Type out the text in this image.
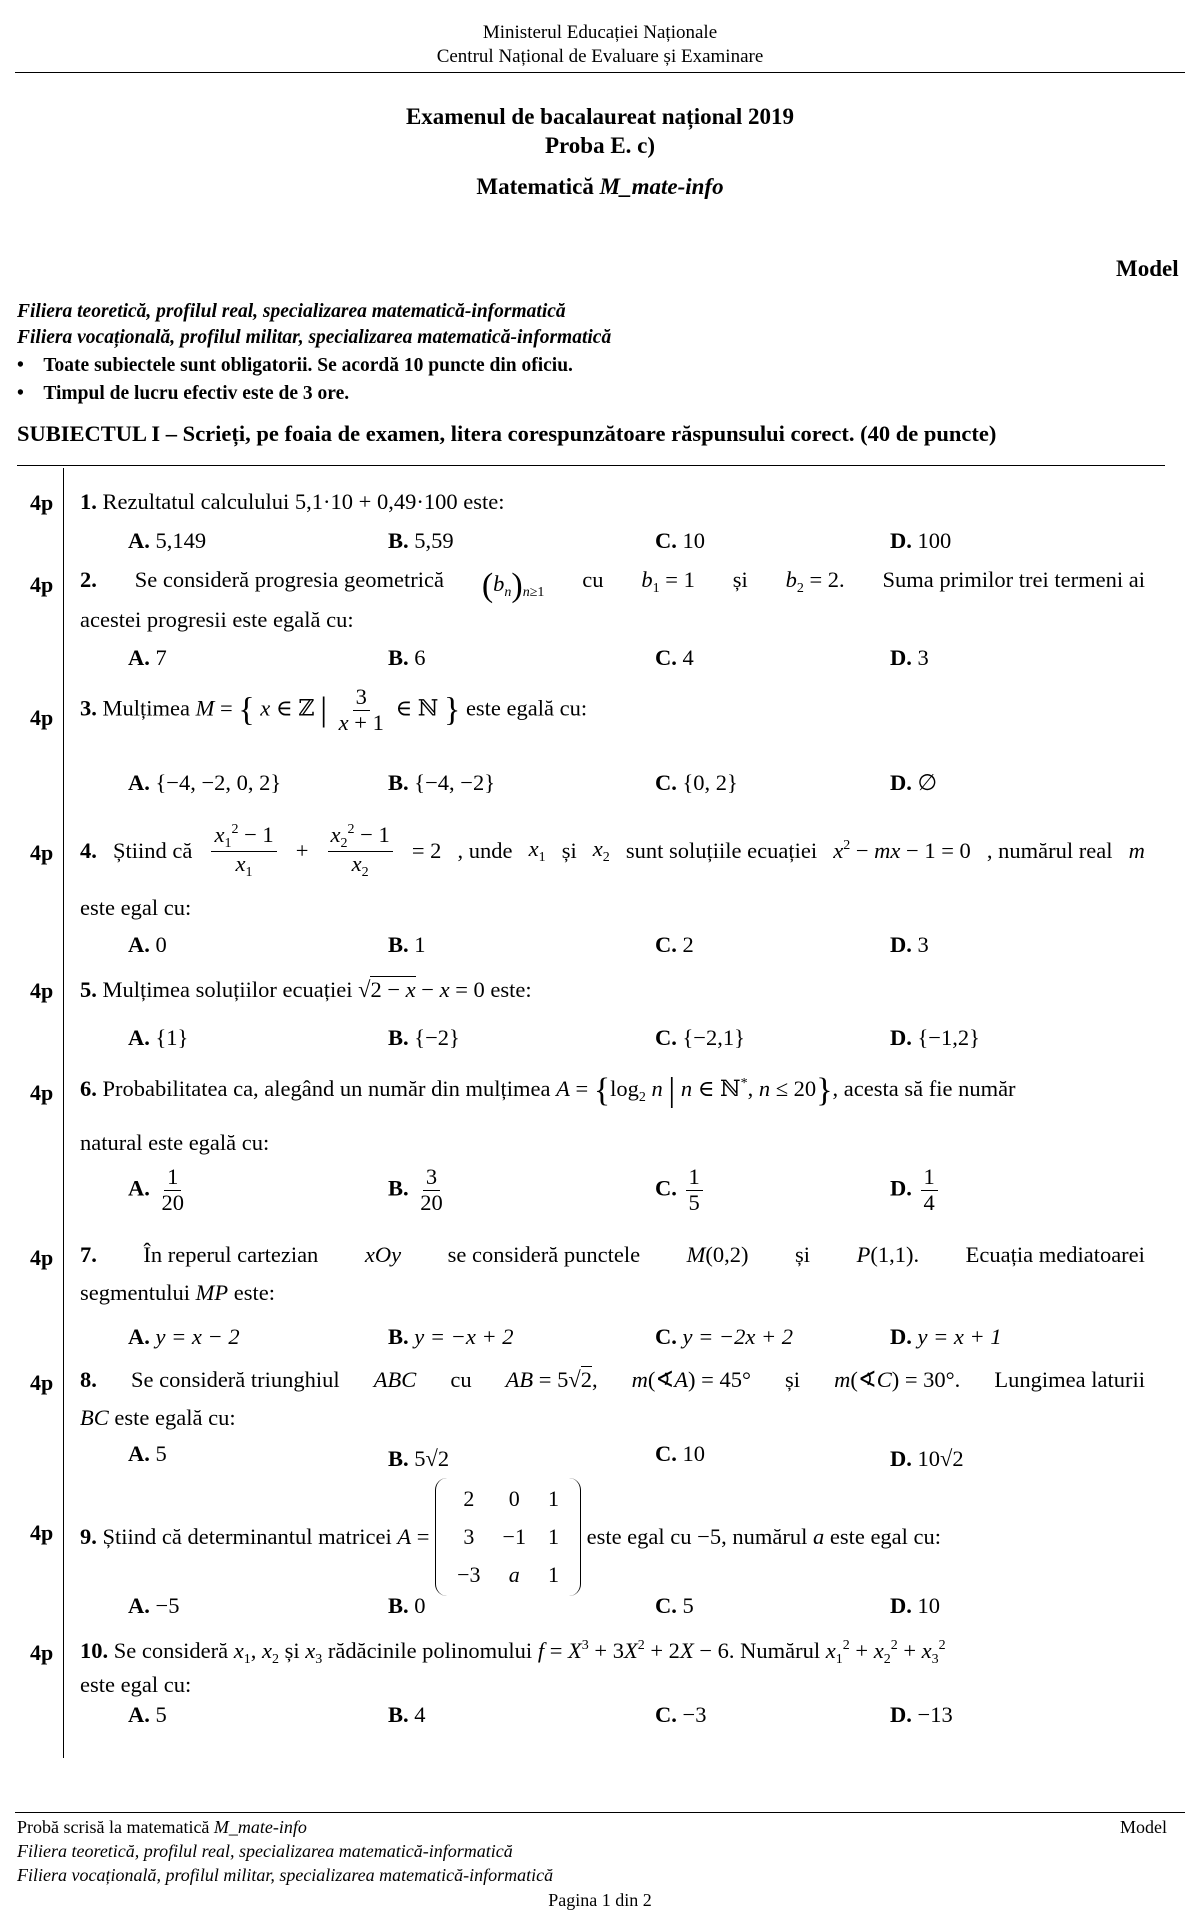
Ministerul Educației Naționale
Centrul Național de Evaluare și Examinare
Examenul de bacalaureat național 2019
Proba E. c)
Matematică M_mate-info
Model
Filiera teoretică, profilul real, specializarea matematică-informatică
Filiera vocațională, profilul militar, specializarea matematică-informatică
•    Toate subiectele sunt obligatorii. Se acordă 10 puncte din oficiu.
•    Timpul de lucru efectiv este de 3 ore.
SUBIECTUL I – Scrieți, pe foaia de examen, litera corespunzătoare răspunsului corect. (40 de puncte)
4p 1. Rezultatul calculului 5,1·10 + 0,49·100 este:
A. 5,149	B. 5,59	C. 10	D. 100
4p 2. Se consideră progresia geometrică $(b_n)_{n\ge 1}$
cu $b_1 = 1$ și $b_2 = 2$. Suma primilor trei termeni ai
acestei progresii este egală cu:
A. 7	B. 6	C. 4	D. 3
4p 3. Mulțimea M = { x ∈ ℤ | $\frac{3}{x + 1}$ ∈ ℕ } este egală cu:
A. {−4, −2, 0, 2}	B. {−4, −2}	C. {0, 2}	D. ∅
4p 4. Știind că $\frac{x_1^2 - 1}{x_1} + \frac{x_2^2 - 1}{x_2} = 2$ , unde $x_1$ și $x_2$ sunt soluțiile ecuației $x^2$ − mx − 1 = 0 , numărul real m
este egal cu:
A. 0	B. 1	C. 2	D. 3
4p 5. Mulțimea soluțiilor ecuației √2 − x − x = 0 este:
A. {1}	B. {−2}	C. {−2,1}	D. {−1,2}
4p 6. Probabilitatea ca, alegând un număr din mulțimea $A = \{\log_2$ n | n ∈ ℕ*, n ≤ 20}, acesta să fie număr
natural este egală cu:
A. $\frac{1}{20}$	B. $\frac{3}{20}$	C. $\frac{1}{5}$	D. $\frac{1}{4}$
4p 7. În reperul cartezian xOy se consideră punctele M(0,2) și P(1,1). Ecuația mediatoarei
segmentului MP este:
A. y = x − 2	B. y = −x + 2	C. y = −2x + 2	D. y = x + 1
4p 8. Se consideră triunghiul ABC cu AB = 5√2, m(∢A) = 45° și m(∢C) = 30°. Lungimea laturii
BC este egală cu:
A. 5	B. 5√2	C. 10	D. 10√2
4p 9.
Știind că determinantul matricei
A =
2	0	1
3	−1	1
−3	a	1

este egal cu −5 , numărul
a
este egal cu:
A. −5	B. 0	C. 5	D. 10
4p 10. Se consideră $x_1$, $x_2$ și $x_3$ rădăcinile polinomului $f = X^3 + 3X^2 + 2X - 6$. Numărul $x_1^2 + x_2^2 + x_3^2$
este egal cu:
A. 5	B. 4	C. −3	D. −13
Probă scrisă la matematică M_mate-info	Model
Filiera teoretică, profilul real, specializarea matematică-informatică
Filiera vocațională, profilul militar, specializarea matematică-informatică
Pagina 1 din 2
